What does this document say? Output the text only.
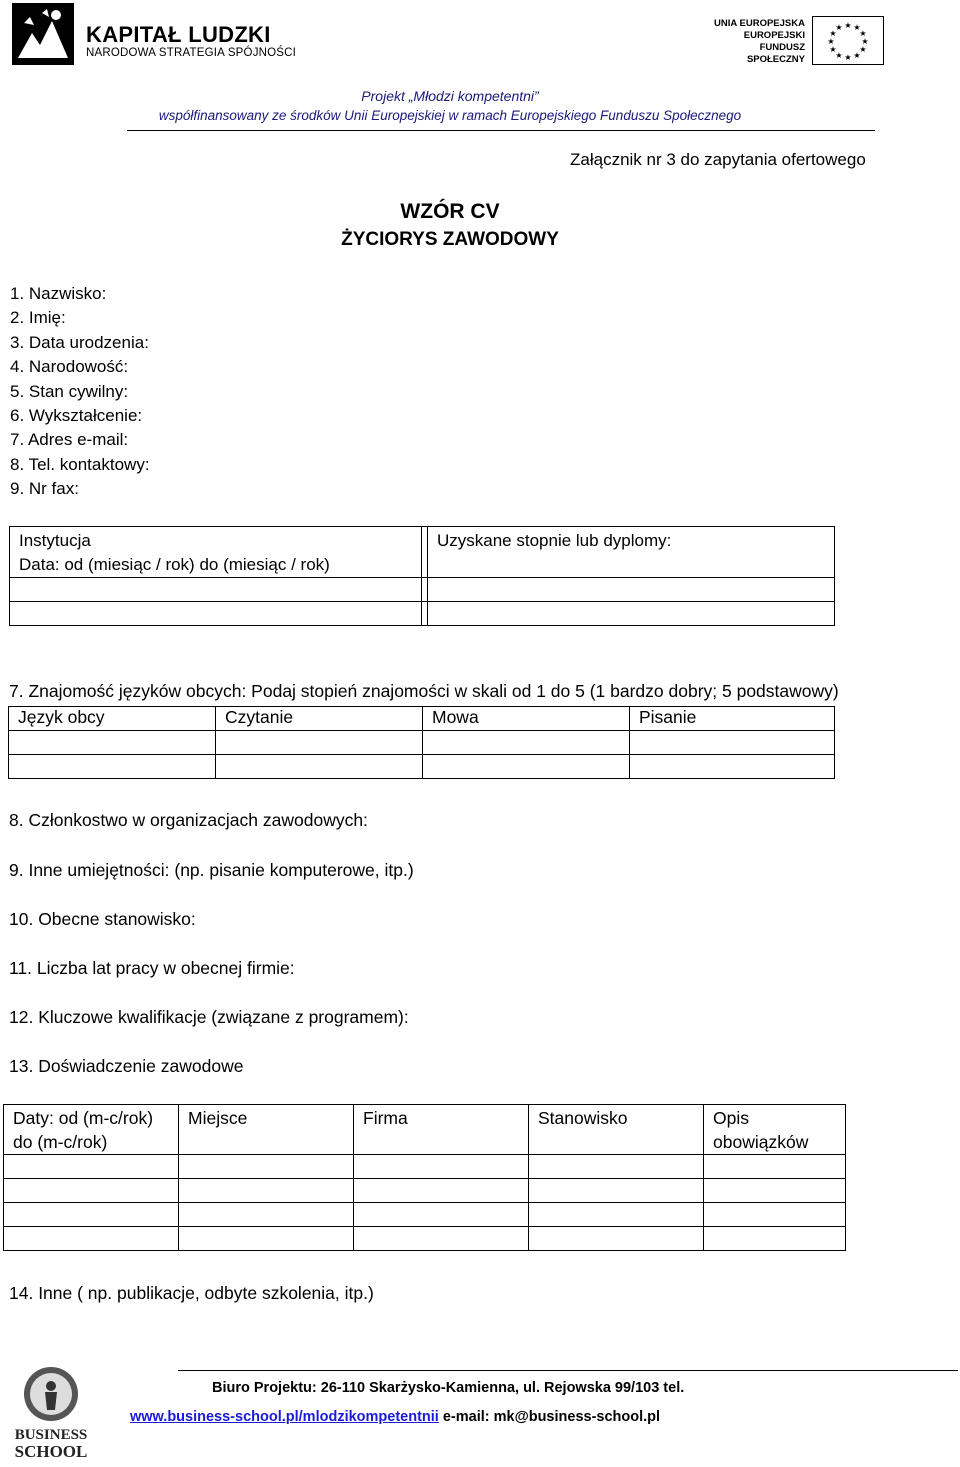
KAPITAŁ LUDZKI
NARODOWA STRATEGIA SPÓJNOŚCI
UNIA EUROPEJSKA
EUROPEJSKI
FUNDUSZ SPOŁECZNY
★ ★
★
★
★
★
★
★
★
★
★
★
Projekt „Młodzi kompetentni”
współfinansowany ze środków Unii Europejskiej w ramach Europejskiego Funduszu Społecznego
Załącznik nr 3 do zapytania ofertowego
WZÓR CV
ŻYCIORYS ZAWODOWY
1. Nazwisko:
2. Imię:
3. Data urodzenia:
4. Narodowość:
5. Stan cywilny:
6. Wykształcenie:
7. Adres e-mail:
8. Tel. kontaktowy:
9. Nr fax:
Instytucja
Data: od (miesiąc / rok) do (miesiąc / rok)		Uzyskane stopnie lub dyplomy:

7. Znajomość języków obcych: Podaj stopień znajomości w skali od 1 do 5 (1 bardzo dobry; 5 podstawowy)
Język obcy	Czytanie	Mowa	Pisanie

8. Członkostwo w organizacjach zawodowych:
9. Inne umiejętności: (np. pisanie komputerowe, itp.)
10. Obecne stanowisko:
11. Liczba lat pracy w obecnej firmie:
12. Kluczowe kwalifikacje (związane z programem):
13. Doświadczenie zawodowe
Daty: od (m-c/rok)
do (m-c/rok)	Miejsce	Firma	Stanowisko	Opis obowiązków

14. Inne ( np. publikacje, odbyte szkolenia, itp.)
BUSINESS
SCHOOL
Biuro Projektu: 26-110 Skarżysko-Kamienna, ul. Rejowska 99/103 tel.
www.business-school.pl/mlodzikompetentnii e-mail: mk@business-school.pl
